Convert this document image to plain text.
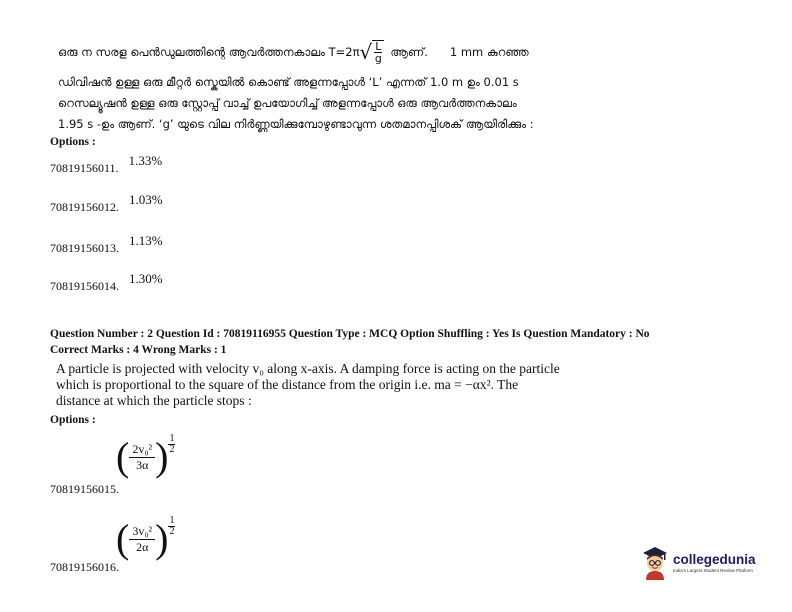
ഒരു ന സരള പെൻഡുലത്തിന്റെ ആവർത്തനകാലം T=2π √ $\frac{L}{g}$ ആണ്. 1 mm കുറഞ്ഞ
ഡിവിഷൻ ഉള്ള ഒരു മീറ്റർ സ്കെയിൽ കൊണ്ട് അളന്നപ്പോൾ ‘L’ എന്നത് 1.0 m ഉം 0.01 s
റെസല്യൂഷൻ ഉള്ള ഒരു സ്റ്റോപ്പ് വാച്ച് ഉപയോഗിച്ച് അളന്നപ്പോൾ ഒരു ആവർത്തനകാലം
1.95 s -ഉം ആണ്. ‘g’ യുടെ വില നിർണ്ണയിക്കുമ്പോഴുണ്ടാവുന്ന ശതമാനപ്പിശക് ആയിരിക്കും :
Options :
$_{70819156011.}$ 1.33%
$_{70819156012.}$ 1.03%
$_{70819156013.}$ 1.13%
$_{70819156014.}$ 1.30%
Question Number : 2 Question Id : 70819116955 Question Type : MCQ Option Shuffling : Yes Is Question Mandatory : No
Correct Marks : 4 Wrong Marks : 1
A particle is projected with velocity v₀ along x-axis. A damping force is acting on the particle
which is proportional to the square of the distance from the origin i.e. ma = −αx². The
distance at which the particle stops :
Options :
( $\frac{\text{2v₀²}}{3\alpha}$ ) $\frac{1}{2}$
70819156015.
( $\frac{\text{3v₀²}}{2\alpha}$ ) $\frac{1}{2}$
70819156016.
collegedunia
India's Largest Student Review Platform
